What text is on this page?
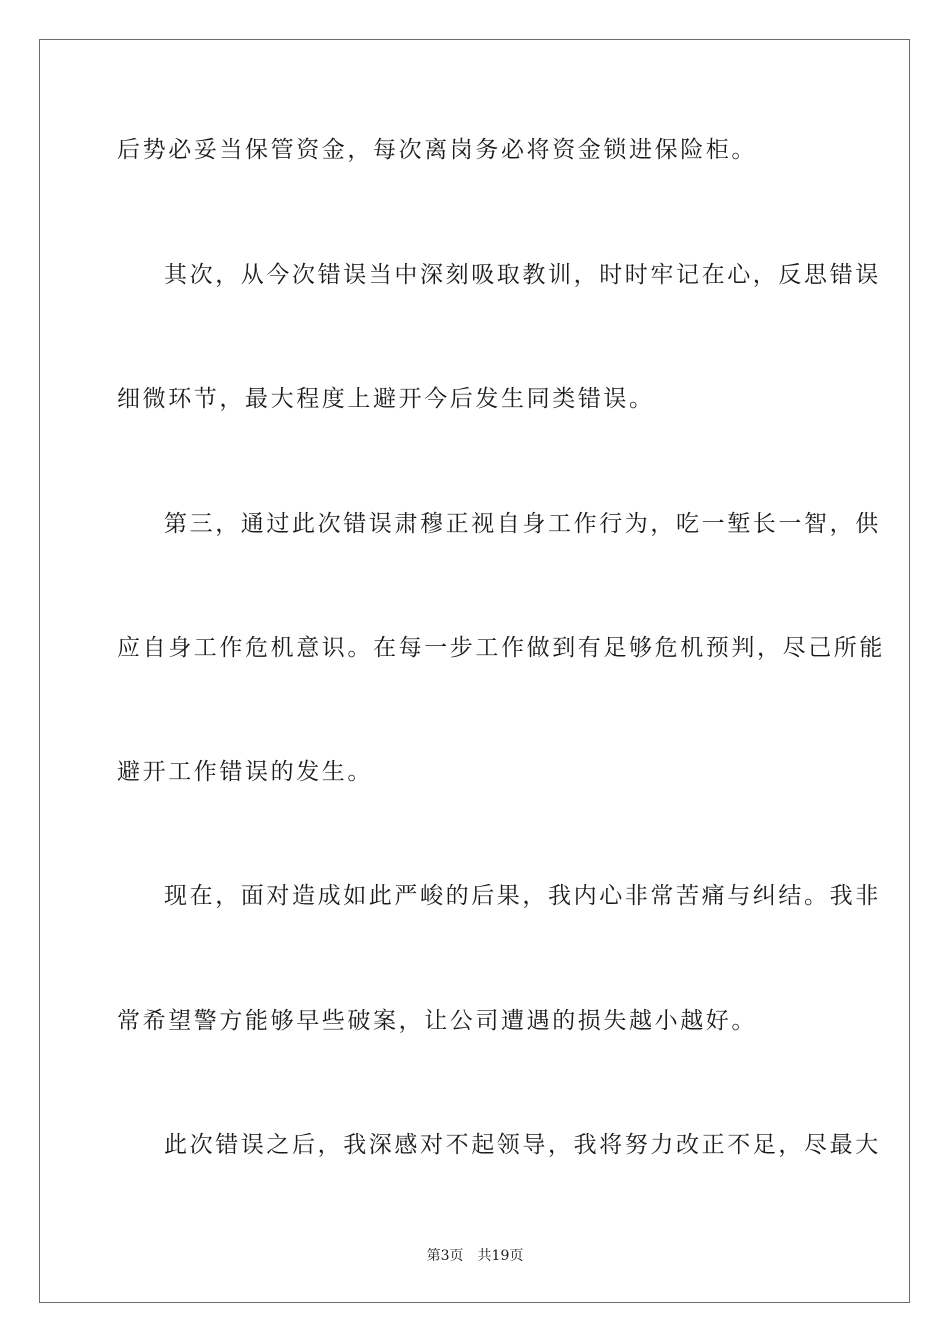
后势必妥当保管资金，每次离岗务必将资金锁进保险柜。
其次，从今次错误当中深刻吸取教训，时时牢记在心，反思错误
细微环节，最大程度上避开今后发生同类错误。
第三，通过此次错误肃穆正视自身工作行为，吃一堑长一智，供
应自身工作危机意识。在每一步工作做到有足够危机预判，尽己所能
避开工作错误的发生。
现在，面对造成如此严峻的后果，我内心非常苦痛与纠结。我非
常希望警方能够早些破案，让公司遭遇的损失越小越好。
此次错误之后，我深感对不起领导，我将努力改正不足，尽最大
第3页 共19页
